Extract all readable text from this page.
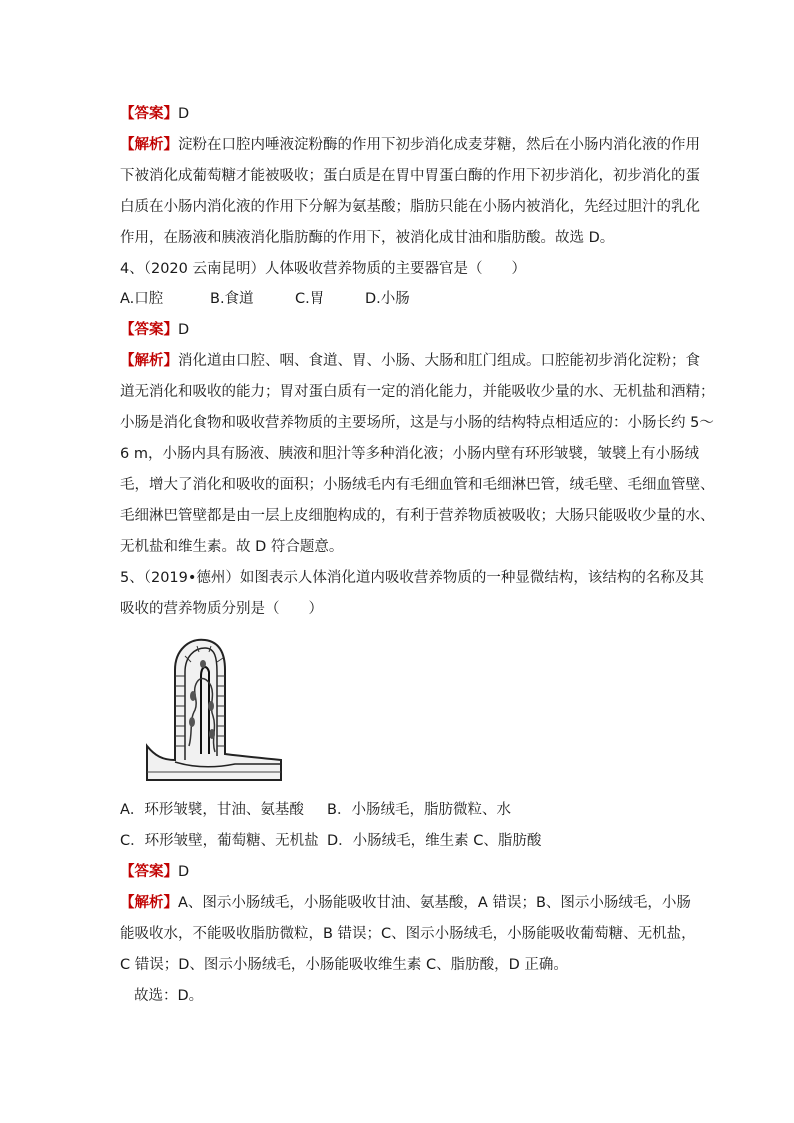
【答案】D
【解析】淀粉在口腔内唾液淀粉酶的作用下初步消化成麦芽糖，然后在小肠内消化液的作用
下被消化成葡萄糖才能被吸收；蛋白质是在胃中胃蛋白酶的作用下初步消化，初步消化的蛋
白质在小肠内消化液的作用下分解为氨基酸；脂肪只能在小肠内被消化，先经过胆汁的乳化
作用，在肠液和胰液消化脂肪酶的作用下，被消化成甘油和脂肪酸。故选 D。
4、（2020 云南昆明）人体吸收营养物质的主要器官是（　　）
A.口腔	B.食道	C.胃	D.小肠
【答案】D
【解析】消化道由口腔、咽、食道、胃、小肠、大肠和肛门组成。口腔能初步消化淀粉；食
道无消化和吸收的能力；胃对蛋白质有一定的消化能力，并能吸收少量的水、无机盐和酒精；
小肠是消化食物和吸收营养物质的主要场所，这是与小肠的结构特点相适应的：小肠长约 5～
6 m，小肠内具有肠液、胰液和胆汁等多种消化液；小肠内壁有环形皱襞，皱襞上有小肠绒
毛，增大了消化和吸收的面积；小肠绒毛内有毛细血管和毛细淋巴管，绒毛壁、毛细血管壁、
毛细淋巴管壁都是由一层上皮细胞构成的，有利于营养物质被吸收；大肠只能吸收少量的水、
无机盐和维生素。故 D 符合题意。
5、（2019•德州）如图表示人体消化道内吸收营养物质的一种显微结构，该结构的名称及其
吸收的营养物质分别是（　　）
A．环形皱襞，甘油、氨基酸 B．小肠绒毛，脂肪微粒、水
C．环形皱壁，葡萄糖、无机盐 D．小肠绒毛，维生素 C、脂肪酸
【答案】D
【解析】A、图示小肠绒毛，小肠能吸收甘油、氨基酸，A 错误；B、图示小肠绒毛，小肠
能吸收水，不能吸收脂肪微粒，B 错误；C、图示小肠绒毛，小肠能吸收葡萄糖、无机盐，
C 错误；D、图示小肠绒毛，小肠能吸收维生素 C、脂肪酸，D 正确。
故选：D。
